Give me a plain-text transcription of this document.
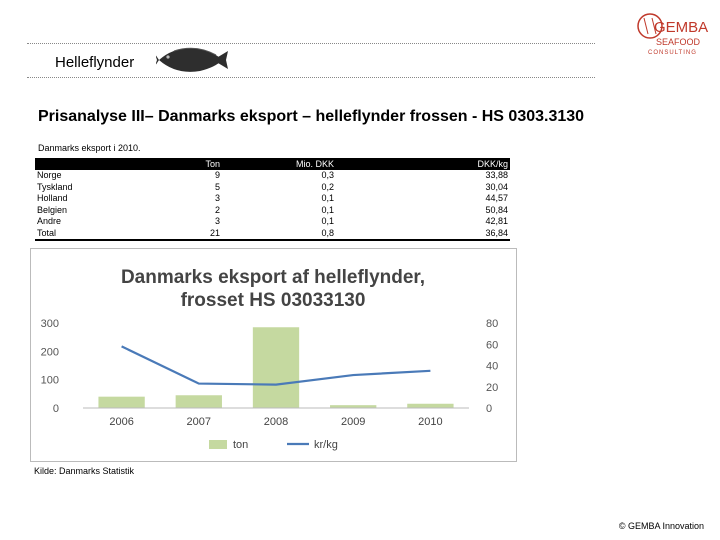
Helleflynder
GEMBA
SEAFOOD
CONSULTING
Prisanalyse III– Danmarks eksport – helleflynder frossen - HS 0303.3130
Danmarks eksport i 2010.
	Ton	Mio. DKK	DKK/kg
Norge	9	0,3	33,88
Tyskland	5	0,2	30,04
Holland	3	0,1	44,57
Belgien	2	0,1	50,84
Andre	3	0,1	42,81
Total	21	0,8	36,84
Danmarks eksport af helleflynder,
frosset HS 03033130
0
100
200
300
0
20
40
60
80
2006	2007	2008	2009	2010
ton	kr/kg
Kilde: Danmarks Statistik
© GEMBA Innovation
